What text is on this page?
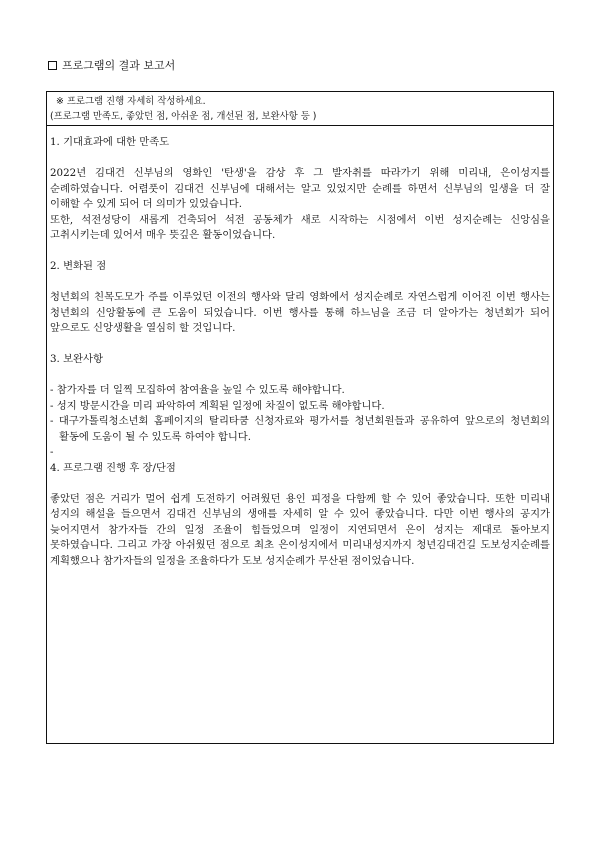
프로그램의 결과 보고서
※ 프로그램 진행 자세히 작성하세요.
(프로그램 만족도, 좋았던 점, 아쉬운 점, 개선된 점, 보완사항 등 )

1. 기대효과에 대한 만족도

2022년 김대건 신부님의 영화인 '탄생'을 감상 후 그 발자취를 따라가기 위해 미리내, 은이성지를 순례하였습니다. 어렴풋이 김대건 신부님에 대해서는 알고 있었지만 순례를 하면서 신부님의 일생을 더 잘 이해할 수 있게 되어 더 의미가 있었습니다.

또한, 석전성당이 새롭게 건축되어 석전 공동체가 새로 시작하는 시점에서 이번 성지순례는 신앙심을 고취시키는데 있어서 매우 뜻깊은 활동이었습니다.

2. 변화된 점

청년회의 친목도모가 주를 이루었던 이전의 행사와 달리 영화에서 성지순례로 자연스럽게 이어진 이번 행사는 청년회의 신앙활동에 큰 도움이 되었습니다. 이번 행사를 통해 하느님을 조금 더 알아가는 청년회가 되어 앞으로도 신앙생활을 열심히 할 것입니다.

3. 보완사항

- 참가자를 더 일찍 모집하여 참여율을 높일 수 있도록 해야합니다.

- 성지 방문시간을 미리 파악하여 계획된 일정에 차질이 없도록 해야합니다.

- 대구가톨릭청소년회 홈페이지의 탈리타쿰 신청자료와 평가서를 청년회원들과 공유하여 앞으로의 청년회의 활동에 도움이 될 수 있도록 하여야 합니다.

-

4. 프로그램 진행 후 장/단점

좋았던 점은 거리가 멀어 쉽게 도전하기 어려웠던 용인 피정을 다함께 할 수 있어 좋았습니다. 또한 미리내 성지의 해설을 들으면서 김대건 신부님의 생애를 자세히 알 수 있어 좋았습니다. 다만 이번 행사의 공지가 늦어지면서 참가자들 간의 일정 조율이 힘들었으며 일정이 지연되면서 은이 성지는 제대로 돌아보지 못하였습니다. 그리고 가장 아쉬웠던 점으로 최초 은이성지에서 미리내성지까지 청년김대건길 도보성지순례를 계획했으나 참가자들의 일정을 조율하다가 도보 성지순례가 무산된 점이었습니다.
